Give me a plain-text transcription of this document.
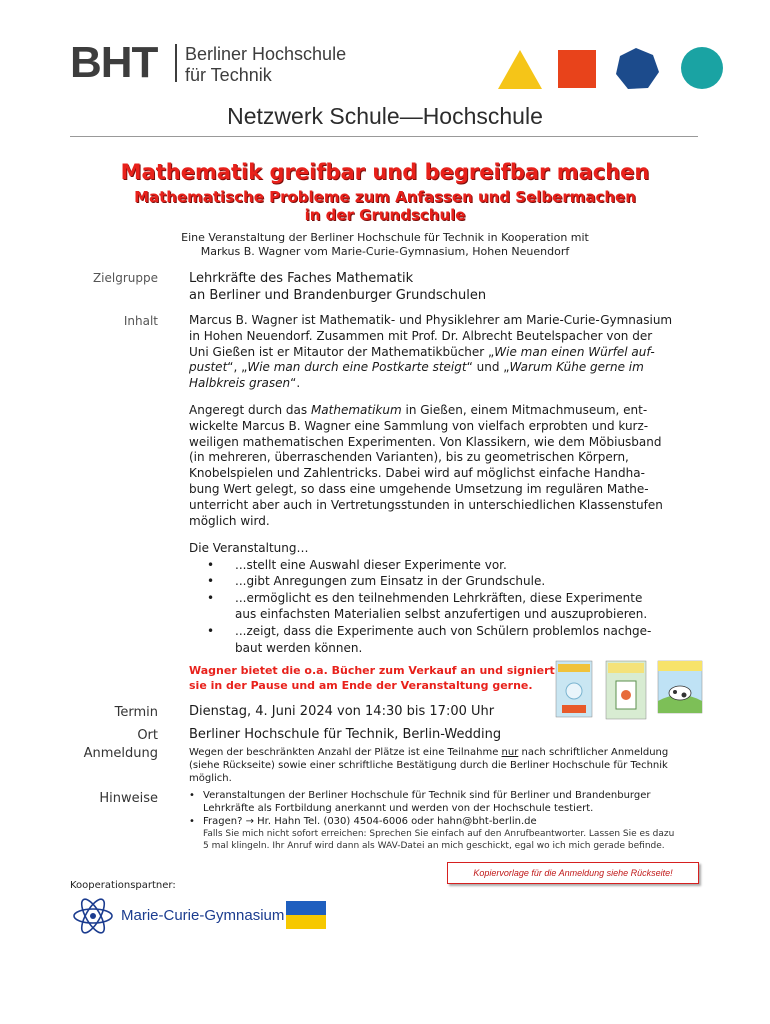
BHT Berliner Hochschule
für Technik
Netzwerk Schule—Hochschule
Mathematik greifbar und begreifbar machen
Mathematische Probleme zum Anfassen und Selbermachen
in der Grundschule
Eine Veranstaltung der Berliner Hochschule für Technik in Kooperation mit
Markus B. Wagner vom Marie-Curie-Gymnasium, Hohen Neuendorf
Zielgruppe
Inhalt
Termin
Ort
Anmeldung
Hinweise
Lehrkräfte des Faches Mathematik
an Berliner und Brandenburger Grundschulen
Marcus B. Wagner ist Mathematik- und Physiklehrer am Marie-Curie-Gymnasium
in Hohen Neuendorf. Zusammen mit Prof. Dr. Albrecht Beutelspacher von der
Uni Gießen ist er Mitautor der Mathematikbücher „Wie man einen Würfel auf-
pustet“, „Wie man durch eine Postkarte steigt“ und „Warum Kühe gerne im
Halbkreis grasen“.
Angeregt durch das Mathematikum in Gießen, einem Mitmachmuseum, ent-
wickelte Marcus B. Wagner eine Sammlung von vielfach erprobten und kurz-
weiligen mathematischen Experimenten. Von Klassikern, wie dem Möbiusband
(in mehreren, überraschenden Varianten), bis zu geometrischen Körpern,
Knobelspielen und Zahlentricks. Dabei wird auf möglichst einfache Handha-
bung Wert gelegt, so dass eine umgehende Umsetzung im regulären Mathe-
unterricht aber auch in Vertretungsstunden in unterschiedlichen Klassenstufen
möglich wird.
Die Veranstaltung…
• ...stellt eine Auswahl dieser Experimente vor.
• ...gibt Anregungen zum Einsatz in der Grundschule.
• ...ermöglicht es den teilnehmenden Lehrkräften, diese Experimente
aus einfachsten Materialien selbst anzufertigen und auszuprobieren.
• ...zeigt, dass die Experimente auch von Schülern problemlos nachge-
baut werden können.
Wagner bietet die o.a. Bücher zum Verkauf an und signiert
sie in der Pause und am Ende der Veranstaltung gerne.
Dienstag, 4. Juni 2024 von 14:30 bis 17:00 Uhr
Berliner Hochschule für Technik, Berlin-Wedding
Wegen der beschränkten Anzahl der Plätze ist eine Teilnahme nur nach schriftlicher Anmeldung
(siehe Rückseite) sowie einer schriftliche Bestätigung durch die Berliner Hochschule für Technik
möglich.
• Veranstaltungen der Berliner Hochschule für Technik sind für Berliner und Brandenburger
Lehrkräfte als Fortbildung anerkannt und werden von der Hochschule testiert.
• Fragen? → Hr. Hahn Tel. (030) 4504-6006 oder hahn@bht-berlin.de
Falls Sie mich nicht sofort erreichen: Sprechen Sie einfach auf den Anrufbeantworter. Lassen Sie es dazu
5 mal klingeln. Ihr Anruf wird dann als WAV-Datei an mich geschickt, egal wo ich mich gerade befinde.
Kopiervorlage für die Anmeldung siehe Rückseite!
Kooperationspartner:
Marie-Curie-Gymnasium
